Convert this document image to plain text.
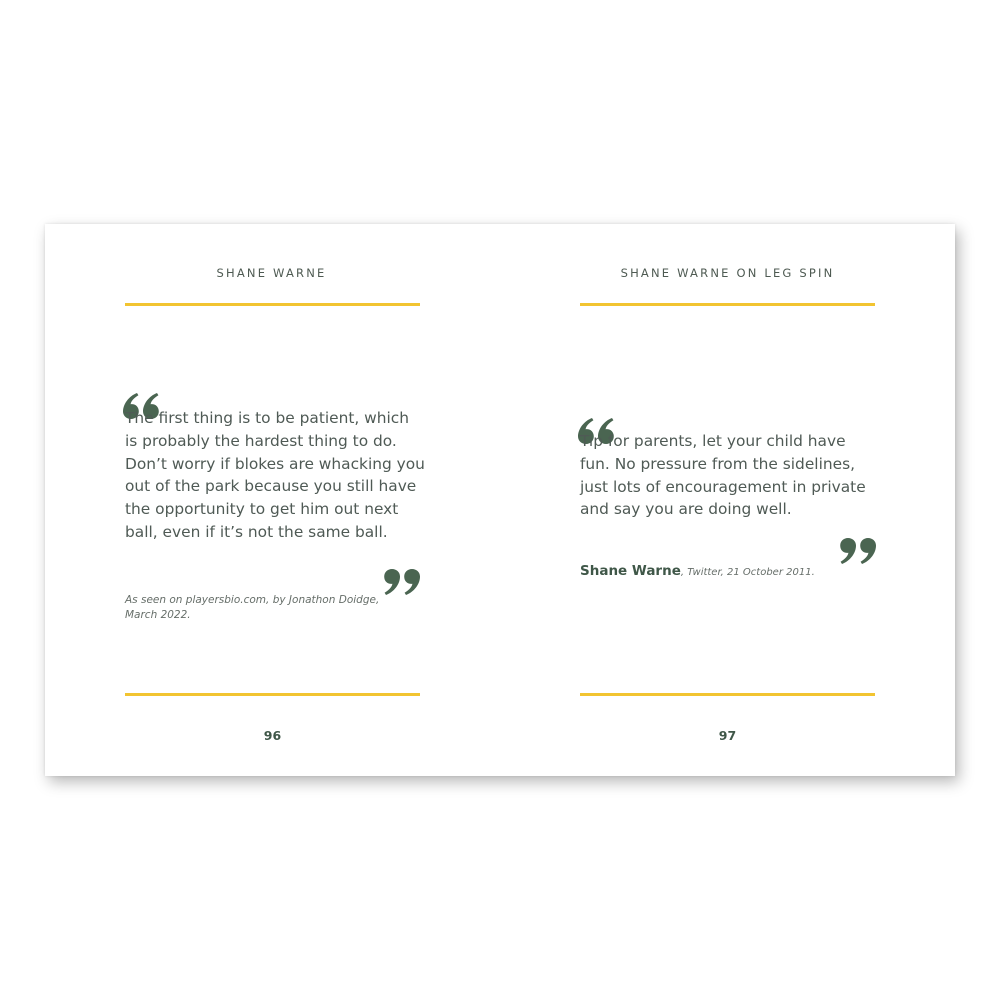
SHANE WARNE

The first thing is to be patient, which is probably the hardest thing to do. Don’t worry if blokes are whacking you out of the park because you still have the opportunity to get him out next ball, even if it’s not the same ball.

As seen on playersbio.com, by Jonathon Doidge, March 2022.
96
SHANE WARNE ON LEG SPIN

Tip for parents, let your child have fun. No pressure from the sidelines, just lots of encouragement in private and say you are doing well.

Shane Warne, Twitter, 21 October 2011.
97
